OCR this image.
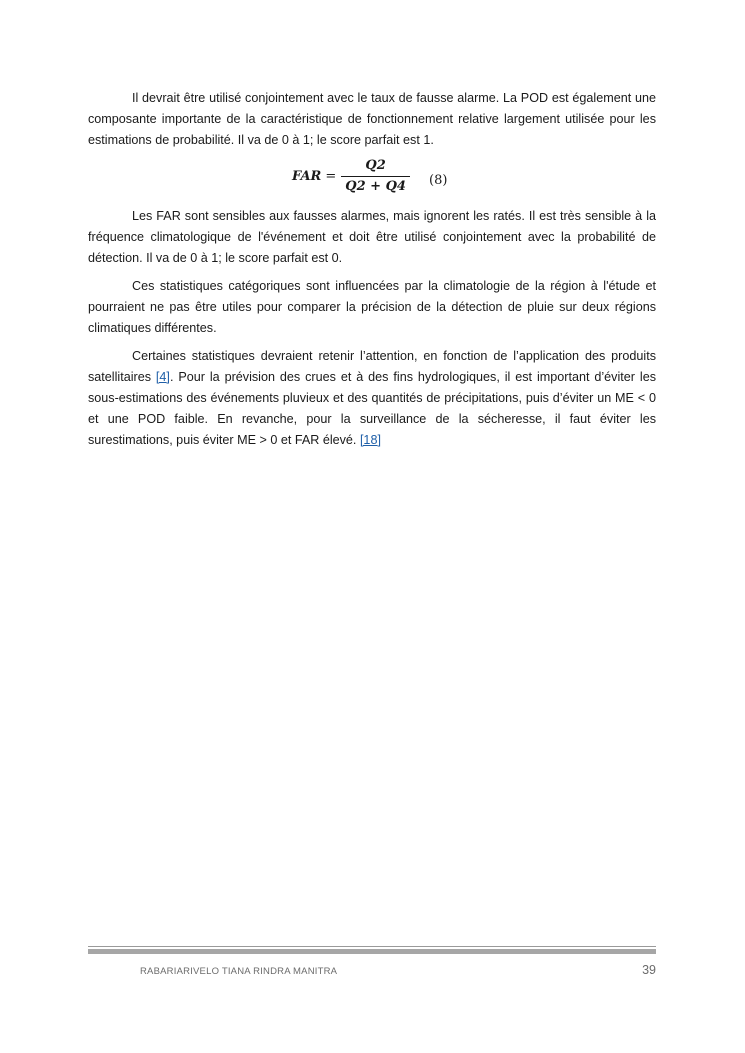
Il devrait être utilisé conjointement avec le taux de fausse alarme. La POD est également une composante importante de la caractéristique de fonctionnement relative largement utilisée pour les estimations de probabilité. Il va de 0 à 1; le score parfait est 1.

FAR = $\frac{Q2}{Q2 + Q4} (8)$

Les FAR sont sensibles aux fausses alarmes, mais ignorent les ratés. Il est très sensible à la fréquence climatologique de l'événement et doit être utilisé conjointement avec la probabilité de détection. Il va de 0 à 1; le score parfait est 0.

Ces statistiques catégoriques sont influencées par la climatologie de la région à l'étude et pourraient ne pas être utiles pour comparer la précision de la détection de pluie sur deux régions climatiques différentes.

Certaines statistiques devraient retenir l’attention, en fonction de l’application des produits satellitaires [4]. Pour la prévision des crues et à des fins hydrologiques, il est important d’éviter les sous-estimations des événements pluvieux et des quantités de précipitations, puis d’éviter un ME < 0 et une POD faible. En revanche, pour la surveillance de la sécheresse, il faut éviter les surestimations, puis éviter ME > 0 et FAR élevé. [18]

RABARIARIVELO TIANA RINDRA MANITRA	39
